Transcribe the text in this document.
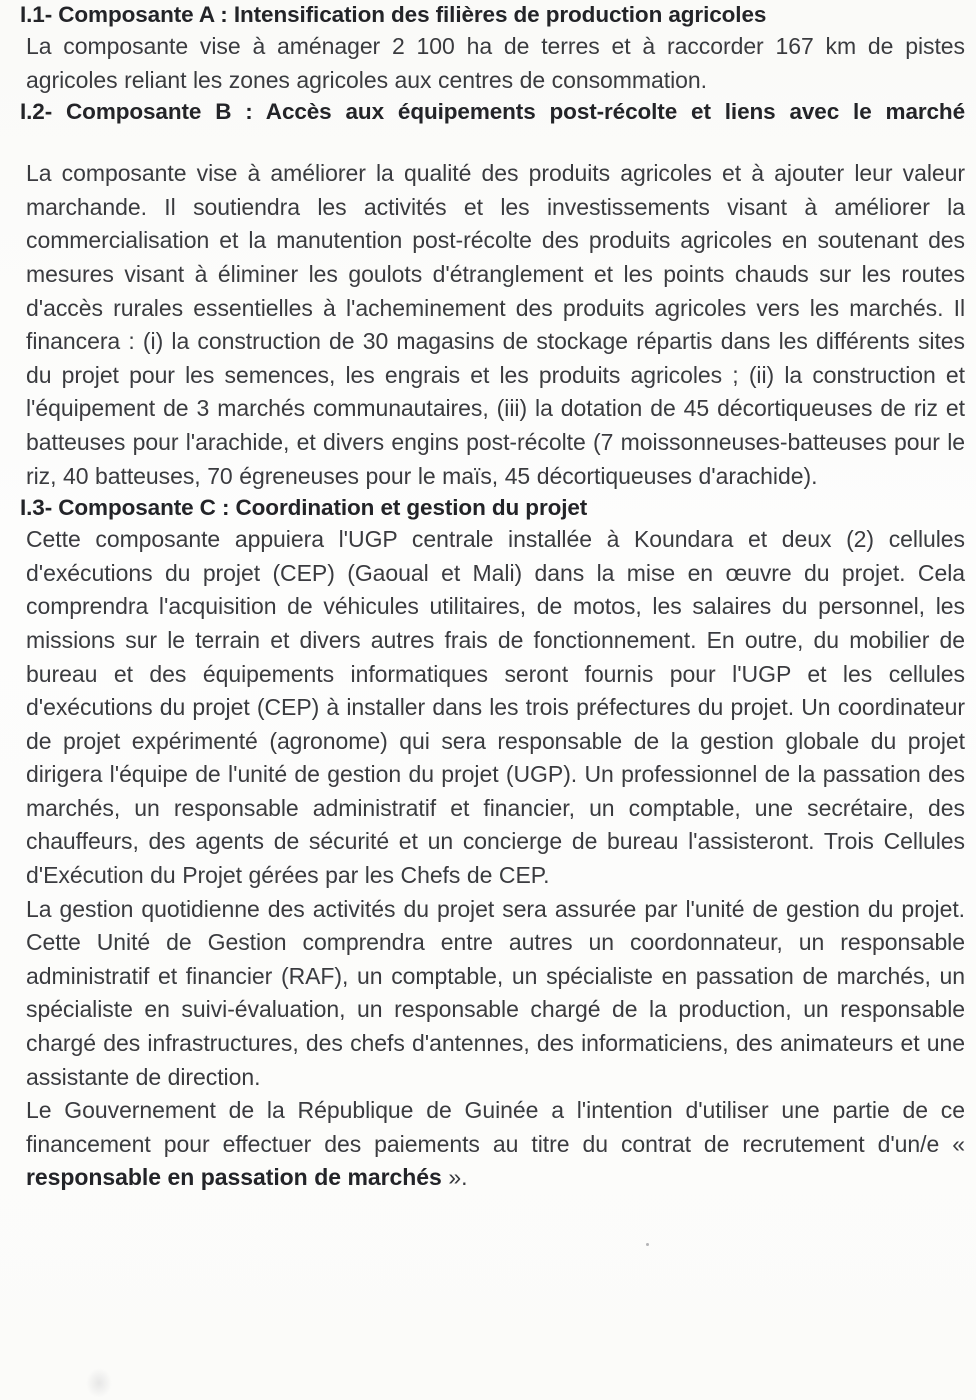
I.1- Composante A : Intensification des filières de production agricoles

La composante vise à aménager 2 100 ha de terres et à raccorder 167 km de pistes agricoles reliant les zones agricoles aux centres de consommation.

I.2- Composante B : Accès aux équipements post-récolte et liens avec le marché

La composante vise à améliorer la qualité des produits agricoles et à ajouter leur valeur marchande. Il soutiendra les activités et les investissements visant à améliorer la commercialisation et la manutention post-récolte des produits agricoles en soutenant des mesures visant à éliminer les goulots d'étranglement et les points chauds sur les routes d'accès rurales essentielles à l'acheminement des produits agricoles vers les marchés. Il financera : (i) la construction de 30 magasins de stockage répartis dans les différents sites du projet pour les semences, les engrais et les produits agricoles ; (ii) la construction et l'équipement de 3 marchés communautaires, (iii) la dotation de 45 décortiqueuses de riz et batteuses pour l'arachide, et divers engins post-récolte (7 moissonneuses-batteuses pour le riz, 40 batteuses, 70 égreneuses pour le maïs, 45 décortiqueuses d'arachide).

I.3- Composante C : Coordination et gestion du projet

Cette composante appuiera l'UGP centrale installée à Koundara et deux (2) cellules d'exécutions du projet (CEP) (Gaoual et Mali) dans la mise en œuvre du projet. Cela comprendra l'acquisition de véhicules utilitaires, de motos, les salaires du personnel, les missions sur le terrain et divers autres frais de fonctionnement. En outre, du mobilier de bureau et des équipements informatiques seront fournis pour l'UGP et les cellules d'exécutions du projet (CEP) à installer dans les trois préfectures du projet. Un coordinateur de projet expérimenté (agronome) qui sera responsable de la gestion globale du projet dirigera l'équipe de l'unité de gestion du projet (UGP). Un professionnel de la passation des marchés, un responsable administratif et financier, un comptable, une secrétaire, des chauffeurs, des agents de sécurité et un concierge de bureau l'assisteront. Trois Cellules d'Exécution du Projet gérées par les Chefs de CEP.

La gestion quotidienne des activités du projet sera assurée par l'unité de gestion du projet. Cette Unité de Gestion comprendra entre autres un coordonnateur, un responsable administratif et financier (RAF), un comptable, un spécialiste en passation de marchés, un spécialiste en suivi-évaluation, un responsable chargé de la production, un responsable chargé des infrastructures, des chefs d'antennes, des informaticiens, des animateurs et une assistante de direction.

Le Gouvernement de la République de Guinée a l'intention d'utiliser une partie de ce financement pour effectuer des paiements au titre du contrat de recrutement d'un/e « responsable en passation de marchés ».
